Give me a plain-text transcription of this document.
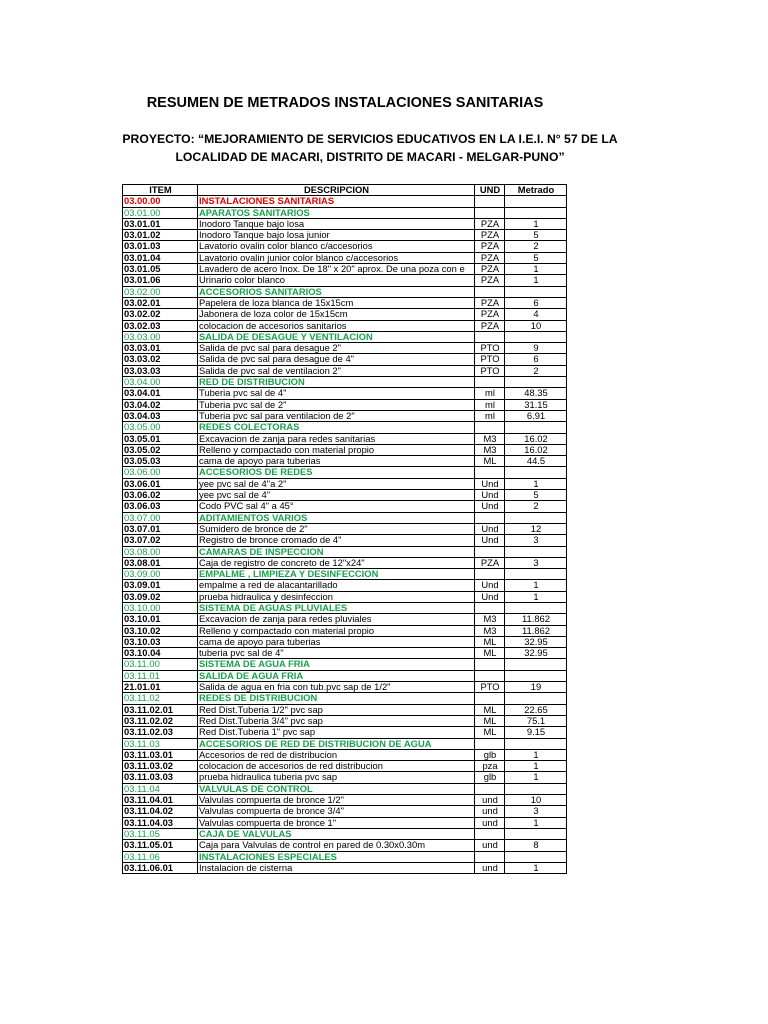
RESUMEN DE METRADOS INSTALACIONES SANITARIAS
PROYECTO: “MEJORAMIENTO DE SERVICIOS EDUCATIVOS EN LA I.E.I. N° 57 DE LA
LOCALIDAD DE MACARI, DISTRITO DE MACARI - MELGAR-PUNO”
ITEM	DESCRIPCION	UND	Metrado
03.00.00	INSTALACIONES SANITARIAS		
03.01.00	APARATOS SANITARIOS		
03.01.01	Inodoro Tanque bajo losa	PZA	1
03.01.02	Inodoro Tanque bajo losa junior	PZA	5
03.01.03	Lavatorio ovalin color blanco c/accesorios	PZA	2
03.01.04	Lavatorio ovalin junior color blanco c/accesorios	PZA	5
03.01.05	Lavadero de acero Inox. De 18" x 20" aprox. De una poza con e	PZA	1
03.01.06	Urinario color blanco	PZA	1
03.02.00	ACCESORIOS SANITARIOS		
03.02.01	Papelera de loza blanca de 15x15cm	PZA	6
03.02.02	Jabonera de loza color de 15x15cm	PZA	4
03.02.03	colocacion de accesorios sanitarios	PZA	10
03.03.00	SALIDA DE DESAGUE Y VENTILACION		
03.03.01	Salida de pvc sal para desague 2"	PTO	9
03.03.02	Salida de pvc sal para desague de 4"	PTO	6
03.03.03	Salida de pvc sal de ventilacion 2"	PTO	2
03.04.00	RED DE DISTRIBUCION		
03.04.01	Tuberia pvc sal de 4"	ml	48.35
03.04.02	Tuberia pvc sal de 2"	ml	31.15
03.04.03	Tuberia pvc sal para ventilacion de 2"	ml	6.91
03.05.00	REDES COLECTORAS		
03.05.01	Excavacion de zanja para redes sanitarias	M3	16.02
03.05.02	Relleno y compactado con material propio	M3	16.02
03.05.03	cama de apoyo para tuberias	ML	44.5
03.06.00	ACCESORIOS DE REDES		
03.06.01	yee pvc sal de 4"a 2"	Und	1
03.06.02	yee pvc sal de 4"	Und	5
03.06.03	Codo PVC sal 4" a 45°	Und	2
03.07.00	ADITAMIENTOS VARIOS		
03.07.01	Sumidero de bronce de 2"	Und	12
03.07.02	Registro de bronce cromado de 4"	Und	3
03.08.00	CAMARAS DE INSPECCION		
03.08.01	Caja de registro de concreto de 12"x24"	PZA	3
03.09.00	EMPALME , LIMPIEZA Y DESINFECCION		
03.09.01	empalme a red de alacantarillado	Und	1
03.09.02	prueba hidraulica y desinfeccion	Und	1
03.10.00	SISTEMA DE AGUAS PLUVIALES		
03.10.01	Excavacion de zanja para redes pluviales	M3	11.862
03.10.02	Relleno y compactado con material propio	M3	11.862
03.10.03	cama de apoyo para tuberias	ML	32.95
03.10.04	tuberia pvc sal de 4"	ML	32.95
03.11.00	SISTEMA DE AGUA FRIA		
03.11.01	SALIDA DE AGUA FRIA		
21.01.01	Salida de agua en fria con tub.pvc sap de 1/2"	PTO	19
03.11.02	REDES DE DISTRIBUCION		
03.11.02.01	Red Dist.Tuberia 1/2" pvc sap	ML	22.65
03.11.02.02	Red Dist.Tuberia 3/4" pvc sap	ML	75.1
03.11.02.03	Red Dist.Tuberia 1" pvc sap	ML	9.15
03.11.03	ACCESORIOS DE RED DE DISTRIBUCION DE AGUA		
03.11.03.01	Accesorios de red de distribucion	glb	1
03.11.03.02	colocacion de accesorios de red distribucion	pza	1
03.11.03.03	prueba hidraulica tuberia pvc sap	glb	1
03.11.04	VALVULAS DE CONTROL		
03.11.04.01	Valvulas compuerta de bronce 1/2"	und	10
03.11.04.02	Valvulas compuerta de bronce 3/4"	und	3
03.11.04.03	Valvulas compuerta de bronce 1"	und	1
03.11.05	CAJA DE VALVULAS		
03.11.05.01	Caja para Valvulas de control en pared de 0.30x0.30m	und	8
03.11.06	INSTALACIONES ESPECIALES		
03.11.06.01	Instalacion de cisterna	und	1
